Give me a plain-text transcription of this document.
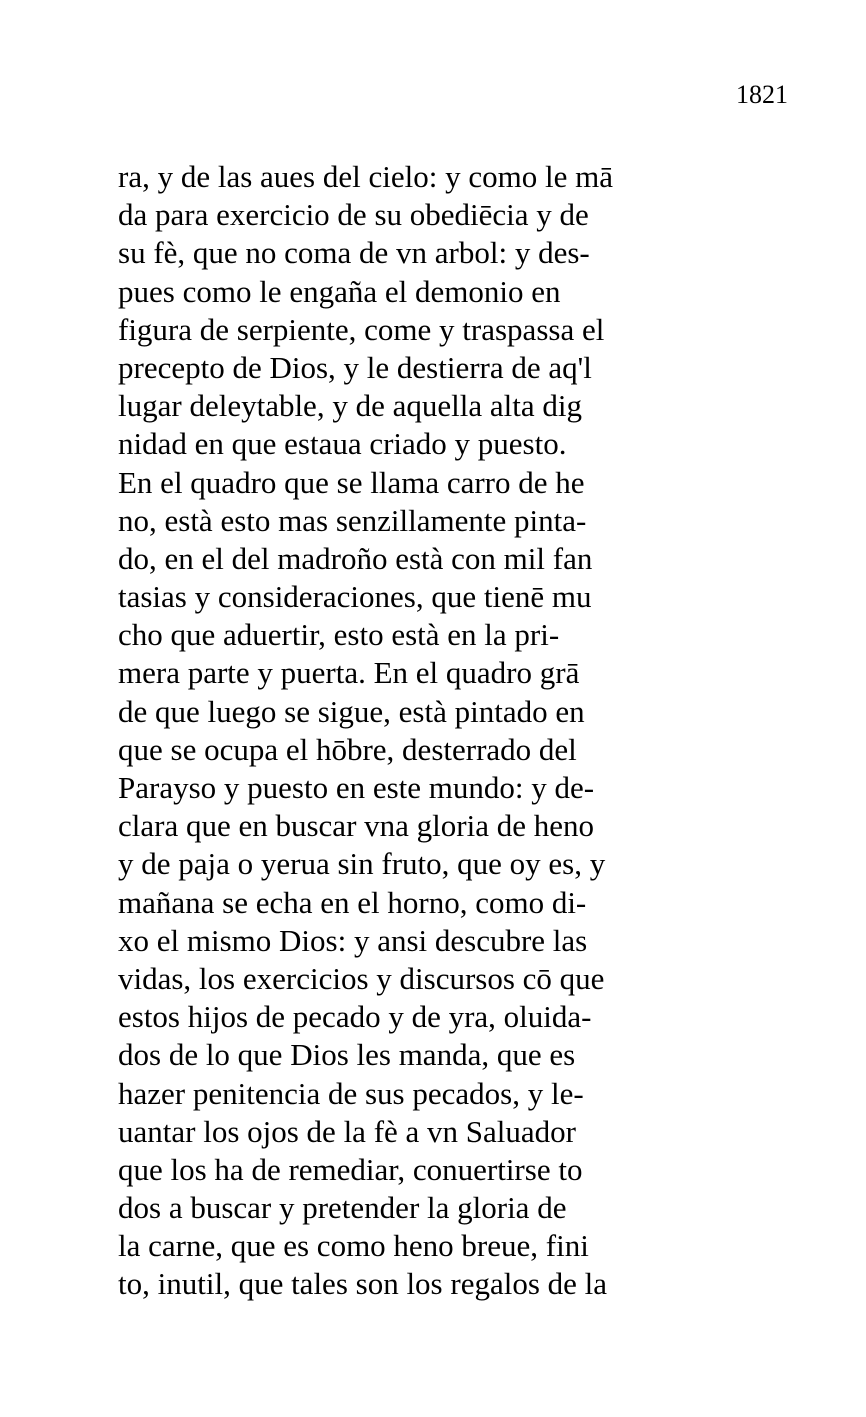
1821
ra, y de las aues del cielo: y como le mā
da para exercicio de su obediēcia y de
su fè, que no coma de vn arbol: y des-
pues como le engaña el demonio en
figura de serpiente, come y traspassa el
precepto de Dios, y le destierra de aq'l
lugar deleytable, y de aquella alta dig
nidad en que estaua criado y puesto.
En el quadro que se llama carro de he
no, està esto mas senzillamente pinta-
do, en el del madroño està con mil fan
tasias y consideraciones, que tienē mu
cho que aduertir, esto està en la pri-
mera parte y puerta. En el quadro grā
de que luego se sigue, està pintado en
que se ocupa el hōbre, desterrado del
Parayso y puesto en este mundo: y de-
clara que en buscar vna gloria de heno
y de paja o yerua sin fruto, que oy es, y
mañana se echa en el horno, como di-
xo el mismo Dios: y ansi descubre las
vidas, los exercicios y discursos cō que
estos hijos de pecado y de yra, oluida-
dos de lo que Dios les manda, que es
hazer penitencia de sus pecados, y le-
uantar los ojos de la fè a vn Saluador
que los ha de remediar, conuertirse to
dos a buscar y pretender la gloria de
la carne, que es como heno breue, fini
to, inutil, que tales son los regalos de la
